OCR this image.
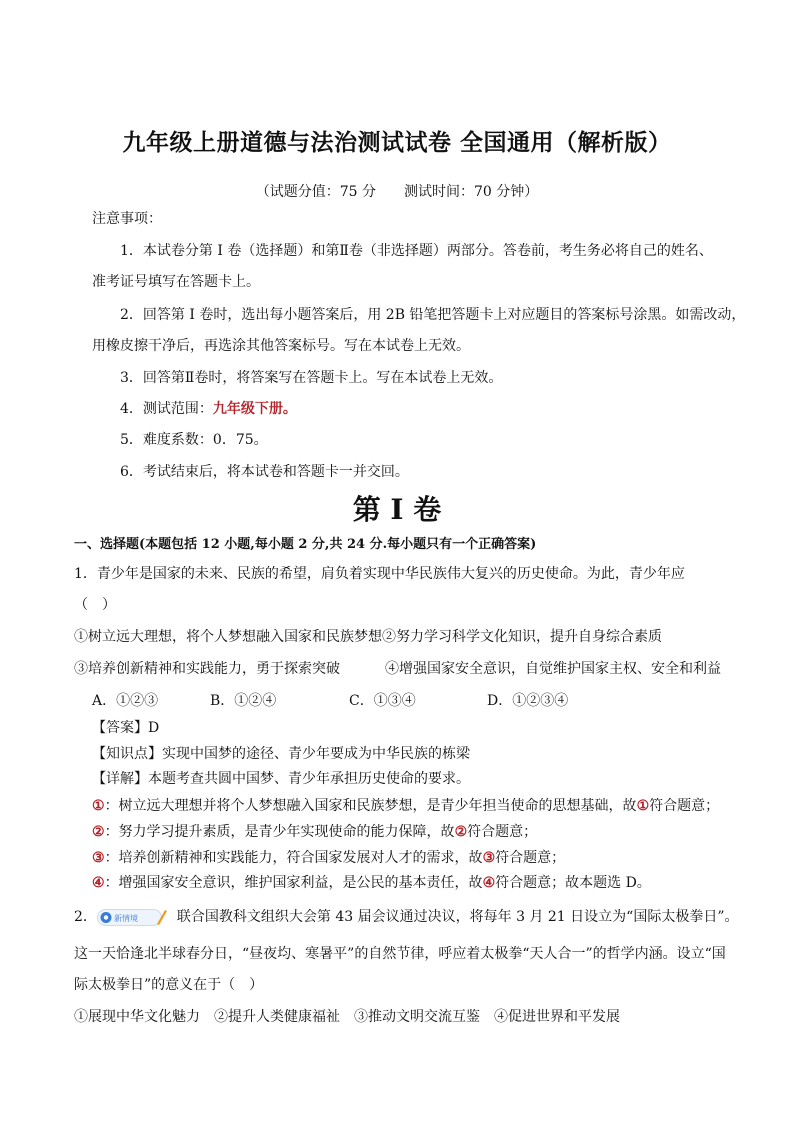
九年级上册道德与法治测试试卷 全国通用（解析版）
（试题分值：75 分　　测试时间：70 分钟）
注意事项：
1．本试卷分第 I 卷（选择题）和第Ⅱ卷（非选择题）两部分。答卷前，考生务必将自己的姓名、
准考证号填写在答题卡上。
2．回答第 I 卷时，选出每小题答案后，用 2B 铅笔把答题卡上对应题目的答案标号涂黑。如需改动，
用橡皮擦干净后，再选涂其他答案标号。写在本试卷上无效。
3．回答第Ⅱ卷时，将答案写在答题卡上。写在本试卷上无效。
4．测试范围：九年级下册。
5．难度系数：0．75。
6．考试结束后，将本试卷和答题卡一并交回。
第 I 卷
一、选择题(本题包括 12 小题,每小题 2 分,共 24 分.每小题只有一个正确答案)
1．青少年是国家的未来、民族的希望，肩负着实现中华民族伟大复兴的历史使命。为此，青少年应
（　）
①树立远大理想，将个人梦想融入国家和民族梦想②努力学习科学文化知识，提升自身综合素质
③培养创新精神和实践能力，勇于探索突破	④增强国家安全意识，自觉维护国家主权、安全和利益
A．①②③	B．①②④	C．①③④	D．①②③④
【答案】D
【知识点】实现中国梦的途径、青少年要成为中华民族的栋梁
【详解】本题考查共圆中国梦、青少年承担历史使命的要求。
①：树立远大理想并将个人梦想融入国家和民族梦想，是青少年担当使命的思想基础，故①符合题意；
②：努力学习提升素质，是青少年实现使命的能力保障，故②符合题意；
③：培养创新精神和实践能力，符合国家发展对人才的需求，故③符合题意；
④：增强国家安全意识，维护国家利益，是公民的基本责任，故④符合题意；故本题选 D。
2． 新情境	联合国教科文组织大会第 43 届会议通过决议，将每年 3 月 21 日设立为“国际太极拳日”。
这一天恰逢北半球春分日，“昼夜均、寒暑平”的自然节律，呼应着太极拳“天人合一”的哲学内涵。设立“国
际太极拳日”的意义在于（　）
①展现中华文化魅力　②提升人类健康福祉　③推动文明交流互鉴　④促进世界和平发展
